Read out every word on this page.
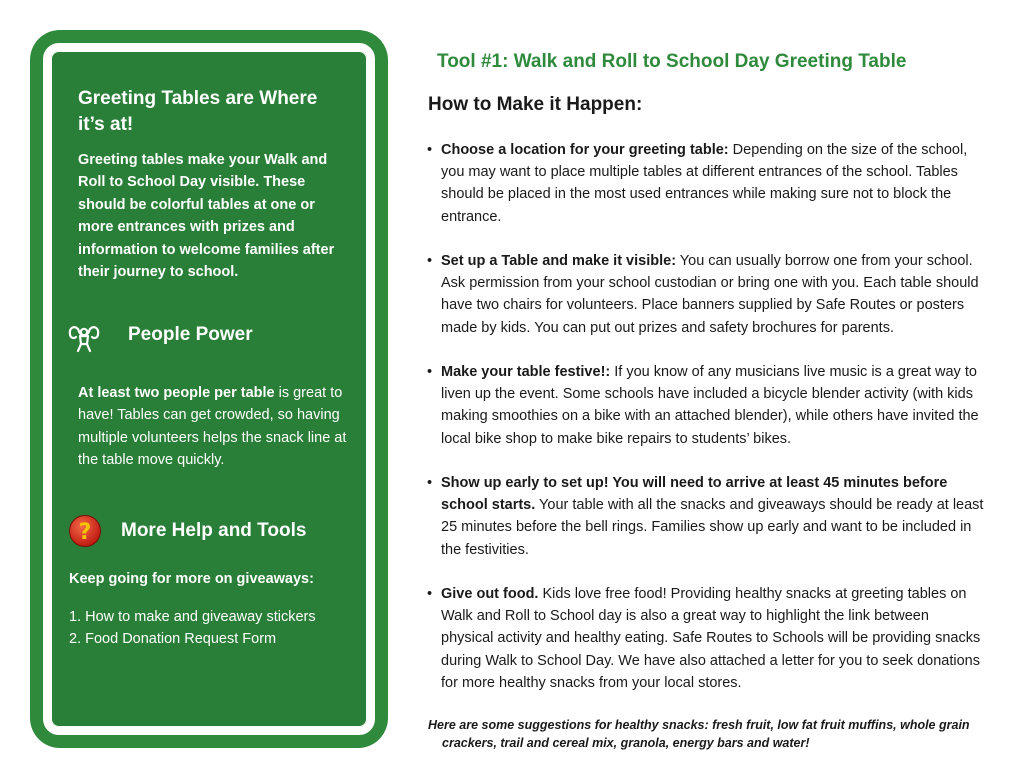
Greeting Tables are Where it’s at!
Greeting tables make your Walk and Roll to School Day visible. These should be colorful tables at one or more entrances with prizes and information to welcome families after their journey to school.
People Power
At least two people per table is great to have! Tables can get crowded, so having multiple volunteers helps the snack line at the table move quickly.
? More Help and Tools
Keep going for more on giveaways:
1. How to make and giveaway stickers
2. Food Donation Request Form
Tool #1: Walk and Roll to School Day Greeting Table
How to Make it Happen:
• Choose a location for your greeting table: Depending on the size of the school, you may want to place multiple tables at different entrances of the school. Tables should be placed in the most used entrances while making sure not to block the entrance.
• Set up a Table and make it visible: You can usually borrow one from your school. Ask permission from your school custodian or bring one with you. Each table should have two chairs for volunteers. Place banners supplied by Safe Routes or posters made by kids. You can put out prizes and safety brochures for parents.
• Make your table festive!: If you know of any musicians live music is a great way to liven up the event. Some schools have included a bicycle blender activity (with kids making smoothies on a bike with an attached blender), while others have invited the local bike shop to make bike repairs to students’ bikes.
• Show up early to set up! You will need to arrive at least 45 minutes before school starts. Your table with all the snacks and giveaways should be ready at least 25 minutes before the bell rings. Families show up early and want to be included in the festivities.
• Give out food. Kids love free food! Providing healthy snacks at greeting tables on Walk and Roll to School day is also a great way to highlight the link between physical activity and healthy eating. Safe Routes to Schools will be providing snacks during Walk to School Day. We have also attached a letter for you to seek donations for more healthy snacks from your local stores.
Here are some suggestions for healthy snacks: fresh fruit, low fat fruit muffins, whole grain
crackers, trail and cereal mix, granola, energy bars and water!
